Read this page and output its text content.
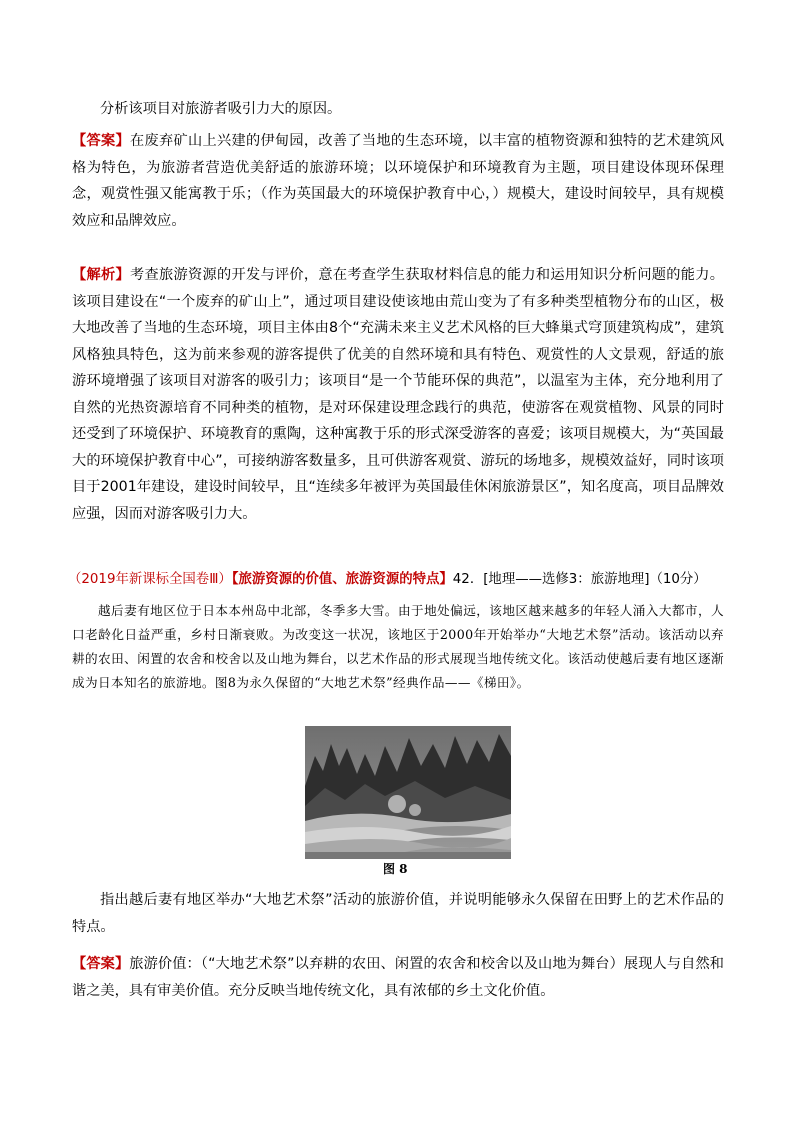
分析该项目对旅游者吸引力大的原因。

【答案】在废弃矿山上兴建的伊甸园，改善了当地的生态环境，以丰富的植物资源和独特的艺术建筑风格为特色，为旅游者营造优美舒适的旅游环境；以环境保护和环境教育为主题，项目建设体现环保理念，观赏性强又能寓教于乐；（作为英国最大的环境保护教育中心，）规模大，建设时间较早，具有规模效应和品牌效应。

【解析】考查旅游资源的开发与评价，意在考查学生获取材料信息的能力和运用知识分析问题的能力。该项目建设在“一个废弃的矿山上”，通过项目建设使该地由荒山变为了有多种类型植物分布的山区，极大地改善了当地的生态环境，项目主体由8个“充满未来主义艺术风格的巨大蜂巢式穹顶建筑构成”，建筑风格独具特色，这为前来参观的游客提供了优美的自然环境和具有特色、观赏性的人文景观，舒适的旅游环境增强了该项目对游客的吸引力；该项目“是一个节能环保的典范”，以温室为主体，充分地利用了自然的光热资源培育不同种类的植物，是对环保建设理念践行的典范，使游客在观赏植物、风景的同时还受到了环境保护、环境教育的熏陶，这种寓教于乐的形式深受游客的喜爱；该项目规模大，为“英国最大的环境保护教育中心”，可接纳游客数量多，且可供游客观赏、游玩的场地多，规模效益好，同时该项目于2001年建设，建设时间较早，且“连续多年被评为英国最佳休闲旅游景区”，知名度高，项目品牌效应强，因而对游客吸引力大。

（2019年新课标全国卷Ⅲ）【旅游资源的价值、旅游资源的特点】42．[地理——选修3：旅游地理]（10分）

越后妻有地区位于日本本州岛中北部，冬季多大雪。由于地处偏远，该地区越来越多的年轻人涌入大都市，人口老龄化日益严重，乡村日渐衰败。为改变这一状况，该地区于2000年开始举办“大地艺术祭”活动。该活动以弃耕的农田、闲置的农舍和校舍以及山地为舞台，以艺术作品的形式展现当地传统文化。该活动使越后妻有地区逐渐成为日本知名的旅游地。图8为永久保留的“大地艺术祭”经典作品——《梯田》。

图 8

指出越后妻有地区举办“大地艺术祭”活动的旅游价值，并说明能够永久保留在田野上的艺术作品的特点。

【答案】旅游价值：（“大地艺术祭”以弃耕的农田、闲置的农舍和校舍以及山地为舞台）展现人与自然和谐之美，具有审美价值。充分反映当地传统文化，具有浓郁的乡土文化价值。
